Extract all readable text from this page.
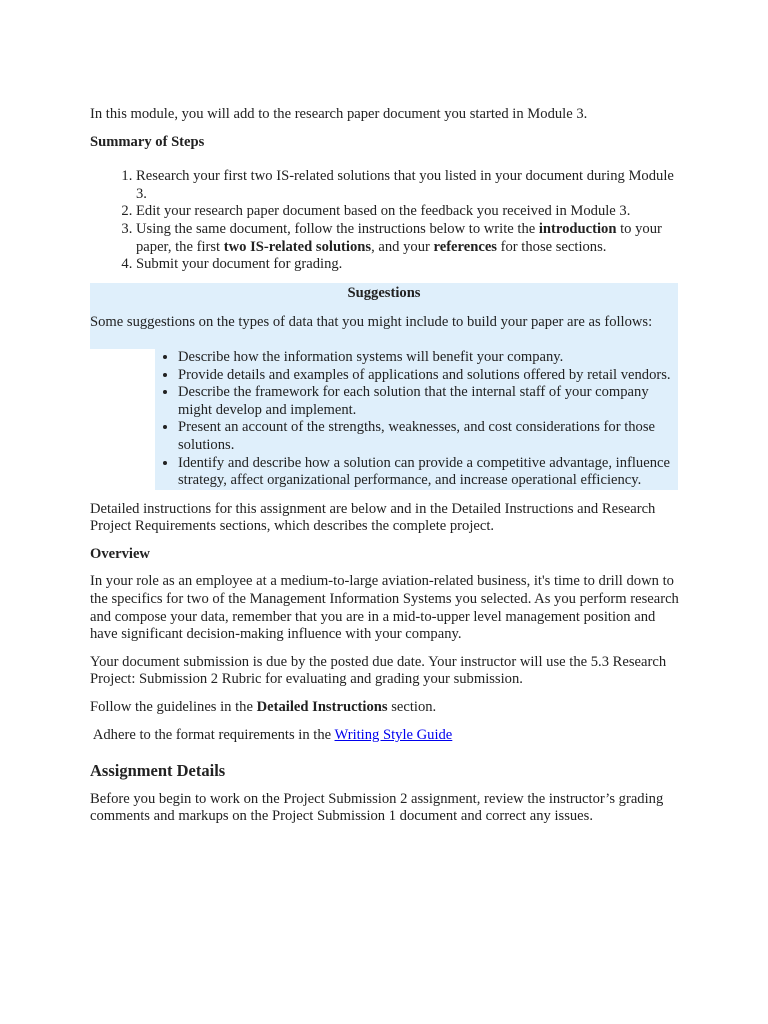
In this module, you will add to the research paper document you started in Module 3.

Summary of Steps

1. Research your first two IS-related solutions that you listed in your document during Module 3.
2. Edit your research paper document based on the feedback you received in Module 3.
3. Using the same document, follow the instructions below to write the introduction to your paper, the first two IS-related solutions, and your references for those sections.
4. Submit your document for grading.

Suggestions

Some suggestions on the types of data that you might include to build your paper are as follows:

• Describe how the information systems will benefit your company.
• Provide details and examples of applications and solutions offered by retail vendors.
• Describe the framework for each solution that the internal staff of your company might develop and implement.
• Present an account of the strengths, weaknesses, and cost considerations for those solutions.
• Identify and describe how a solution can provide a competitive advantage, influence strategy, affect organizational performance, and increase operational efficiency.

Detailed instructions for this assignment are below and in the Detailed Instructions and Research Project Requirements sections, which describes the complete project.

Overview

In your role as an employee at a medium-to-large aviation-related business, it's time to drill down to the specifics for two of the Management Information Systems you selected. As you perform research and compose your data, remember that you are in a mid-to-upper level management position and have significant decision-making influence with your company.

Your document submission is due by the posted due date. Your instructor will use the 5.3 Research Project: Submission 2 Rubric for evaluating and grading your submission.

Follow the guidelines in the Detailed Instructions section.

Adhere to the format requirements in the Writing Style Guide

Assignment Details

Before you begin to work on the Project Submission 2 assignment, review the instructor’s grading comments and markups on the Project Submission 1 document and correct any issues.
